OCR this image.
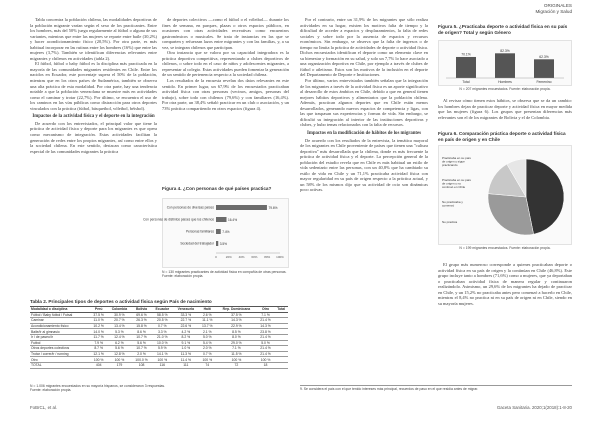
ORIGINALES
Migración y Salud

Tabla concentra la población chilena, las modalidades deportivas de la población migrante varían según el sexo de los practicantes. Entre los hombres, más del 50% juega regularmente al fútbol o alguna de sus variantes, mientras que entre las mujeres se reparte entre baile (30,2%) y hacer acondicionamiento físico (20,5%). Por otra parte, es más habitual incorporar en las rutinas entre los hombres (16%) que entre las mujeres (3,7%). También se identifican diferencias relevantes entre migrantes y chilenos en actividades (tabla 2).

El fútbol, fútbol o baby fútbol es la disciplina más practicada en la mayoría de las comunidades migrantes residentes en Chile. Entre los nacidos en Ecuador, este porcentaje supera el 50% de la población, mientras que en los otros países de Sudamérica, también se observa una alta práctica de esta modalidad. Por otra parte, hay una tendencia notable a que la población venezolana se muestre más en actividades como el caminar y trotar (22,7%). Por último, se encuentra el uso de los caminos en las vías públicas como distracción para otros deportes vinculados con la práctica (fútbol, básquetbol, vóleibol, béisbol).

Impactos de la actividad física y el deporte en la integración

De acuerdo con los entrevistados, el principal valor que tiene la práctica de actividad física y deporte para los migrantes es que opera como mecanismo de integración. Estas actividades facilitan la generación de redes entre los propios migrantes, así como entre ellos y la sociedad chilena. En este sentido, destacan como característica especial de las comunidades migrantes la práctica

de deportes colectivos —como el fútbol o el vóleibol— durante los fines de semana, en parques, plazas o otros espacios públicos, en ocasiones con otras actividades recreativas como encuentros gastronómicos o musicales. Se trata de instancias en las que se comparten y refuerzan lazos entre migrantes y con las familias, y, a su vez, se integran chilenos que participan.

Otra instancia que se valora por su capacidad integradora es la práctica deportiva competitiva, representando a clubes deportivos de chilenos, o sobre todo en el caso de niños y adolescentes migrantes, a representar al colegio. Estas actividades pueden fomentar la generación de un sentido de pertenencia respecto a la sociedad chilena.

Los resultados de la encuesta revelan dos datos relevantes en este sentido. En primer lugar, un 67,9% de los encuestados practicaban actividad física con otras personas (vecinos, amigos, personas del trabajo), sobre todo con chilenos (79,6%) y con familiares (16,4%). Por otra parte, un 38,4% señaló practicar en un club o asociación, y un 73% práctica compartiendo en otros espacios (figura 4).

Figura 4. ¿Con personas de qué países practica?
Con personas de diversas países	79.6%
Con personas de distintos países que los chilenos	16.4%
Personas familiares	7.4%
Sociedad del trabajador 3.5%
0	20% 40% 60% 80% 100%
N = 130 migrantes practicantes de actividad física en compañía de otras personas. Fuente: elaboración propia.

Por el contrario, entre un 31,9% de los migrantes que sólo realiza actividades en su hogar, existen los motivos falta de tiempo y la dificultad de acceder a espacios y desplazamientos, la falta de redes sociales y sobre todo por la ausencia de espacios y recursos económicos. Sin embargo, se observa que la falta de ingresos o de tiempo no limita la práctica de actividades de deporte o actividad física. Dichos encuestados identifican el deporte como un elemento clave en su bienestar y formación en su salud, y solo un 7,7% lo hace asociado a una organización deportiva en Chile, por ejemplo a través de clubes de fútbol o atletismo. Estos son los motivos de la inclusión en el deporte del Departamento de Deporte e Instituciones.

Por último, varios entrevistados también señalan que la integración de los migrantes a través de la actividad física es un aporte significativo al desarrollo de estos ámbitos en Chile, debido a que en general tienen mejores hábitos deportivos y alimentarios que la población chilena. Además, practican algunos deportes que en Chile están menos desarrollados, generando nuevos espacios de competencia y ligas, con las que traspasan sus experiencias y formas de vida. Sin embargo, se dificultó su integración al interior de las instituciones deportivas y clubes, y hubo temas relacionados con la falta de recursos.

Impactos en la modificación de hábitos de los migrantes

De acuerdo con los resultados de la entrevista, la temática mayoral de los migrantes en Chile proveniente de países que tienen una "cultura deportiva" más desarrollada que la chilena, donde es más frecuente la práctica de actividad física y el deporte. La percepción general de la población del estudio revela que en Chile es más habitual un estilo de vida sedentario entre las personas, con un 40,8% que ha cambiado su estilo de vida en Chile y un 71,1% practicaba actividad física con mayor regularidad en su país de origen respecto a la práctica actual, y un 58% de los mismos dijo que su actividad de ocio son dinámicas poco activas.

Figura 5. ¿Practicaba deporte o actividad física en su país de origen? Total y según Género
70.1%
Total
82.3%
Hombres
62.3%
Femenino
N = 207 migrantes encuestados. Fuente: elaboración propia.

Al revisar cómo tienen estos hábitos, se observa que se da un cambio: los hombres dejan de practicar deporte y actividad física en mayor medida que las mujeres (figura 6). Los grupos que presentan diferencias más relevantes son el de los migrantes de Bolivia y el de Colombia.

Figura 6. Comparación práctica deporte o actividad física en país de origen y en Chile
Practicaba en su país de origen y sigue practicando
Practicaba en su país de origen y no continuó en Chile
No practicaba y comenzó
No practica
N = 199 migrantes encuestados. Fuente: elaboración propia.

El grupo más numeroso corresponde a quienes practicaban deporte o actividad física en su país de origen y la continúan en Chile (46,8%). Este grupo incluye tanto a hombres (71,6%) como a mujeres, que ya deportaban o practicaban actividad física de manera regular y continuaron realizándolo. Asimismo, un 29,6% de los migrantes ha dejado de practicar en Chile, y un 15,2% no practicaba antes pero comenzó a hacerlo en Chile, mientras el 8,4% no practica ni en su país de origen ni en Chile, siendo en su mayoría mujeres.

Tabla 2. Principales tipos de deportes o actividad física según País de nacimiento
Modalidad o disciplina	Perú	Colombia	Bolivia	Ecuador	Venezuela	Haití	Rep. Dominicana	Otro	Total
Fútbol / Baby fútbol / Futsal	37.5 %	30.9 %	69.6 %	58.5 %	33.3 %	2.6 %	37.5 %	7.1 %	
Caminar	11.0 %	20.7 %	26.3 %	20.5 %	22.7 %	11.1 %	14.3 %	21.4 %	
Acondicionamiento físico	10.2 %	13.4 %	15.8 %	0.7 %	22.6 %	13.7 %	22.9 %	14.3 %	
Baile/Ir al gimnasio	14.0 %	5.3 %	8.6 %	3.3 %	4.2 %	2.1 %	8.5 %	23.8 %	
Ir / de paseo/Ir	11.7 %	12.4 %	10.7 %	21.0 %	8.2 %	5.0 %	8.0 %	21.4 %	
Futbol	7.9 %	6.2 %	5.6 %	10.0 %	9.1 %	5.4 %	29.0 %	5.0 %	
Otros deportes colectivos	8.7 %	5.6 %	10.7 %	5.9 %	1.0 %	2.0 %	7.1 %	21.4 %	
Trotar / correr/ir / running	12.1 %	12.8 %	2.0 %	14.1 %	11.3 %	0.7 %	11.5 %	21.4 %	
Otro	100 %	100 %	100.0 %	100 %	11.4 %	100 %	100 %	100 %	
TOTAL	404	179	108	116	111	74	72	18	
N = 1.006 migrantes encuestados en su mayoría hispanos, se consideraron 3 respuestas.
Fuente: elaboración propia.	9. Se considera el país con el que tenido intereses más principal, recuerdos de paso en el que residía antes de migrar.
FoBrCL, et al.	Gaceta Sanitaria. 2020;1(2018):1-8-20
